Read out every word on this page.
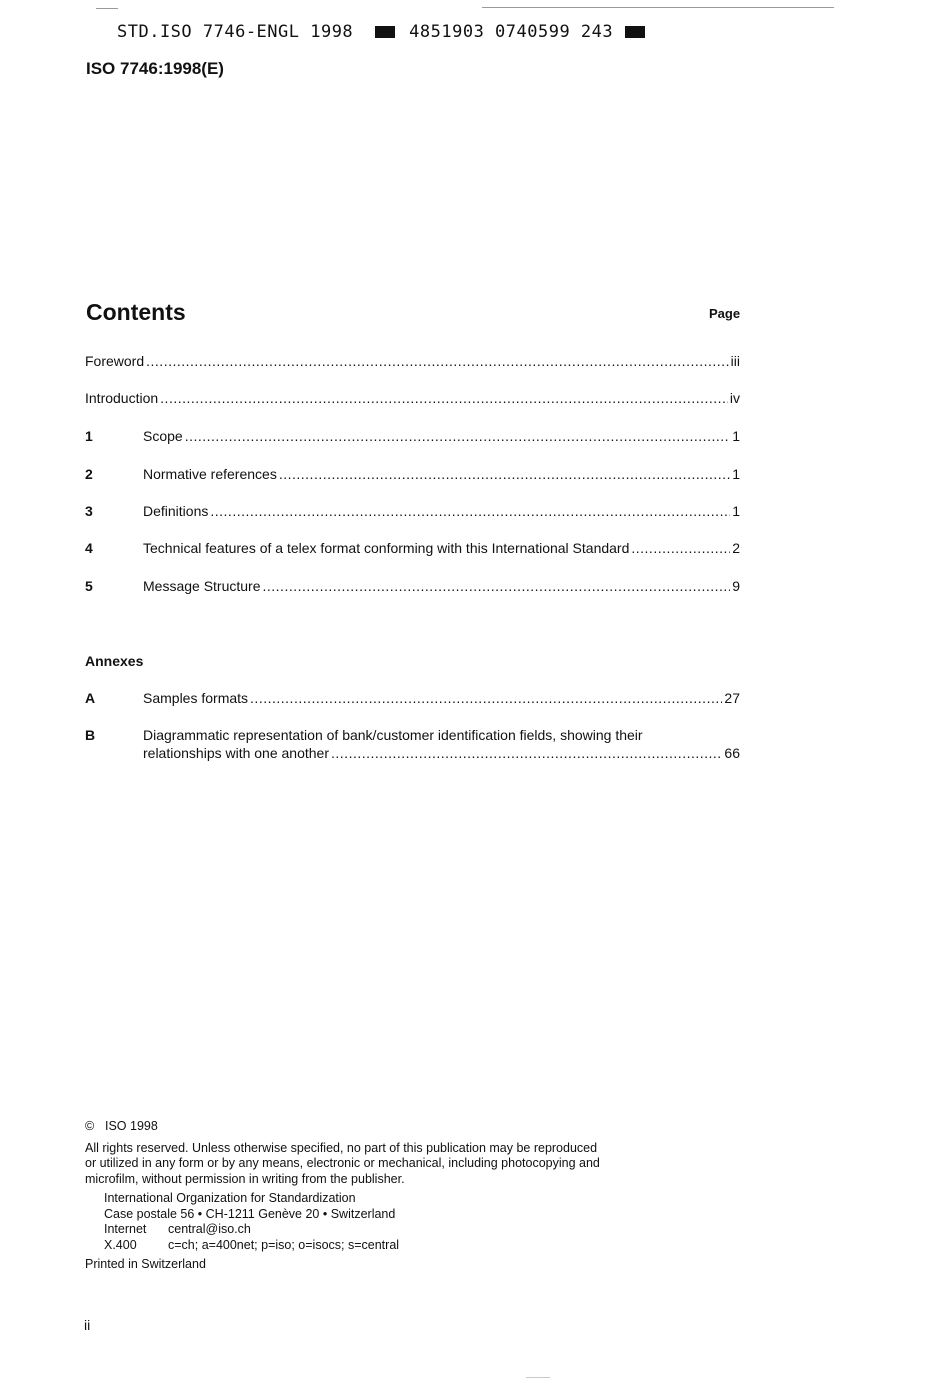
STD.ISO 7746-ENGL 1998	4851903 0740599 243
ISO 7746:1998(E)
Contents	Page
Foreword .....	iii
Introduction .....	iv
1	Scope .....	1
2	Normative references .....	1
3	Definitions .....	1
4	Technical features of a telex format conforming with this International Standard .....	2
5	Message Structure .....	9
Annexes
A	Samples formats .....	27
B	Diagrammatic representation of bank/customer identification fields, showing their
relationships with one another .....	66

© ISO 1998

All rights reserved. Unless otherwise specified, no part of this publication may be reproduced

or utilized in any form or by any means, electronic or mechanical, including photocopying and

microfilm, without permission in writing from the publisher.

International Organization for Standardization

Case postale 56 • CH-1211 Genève 20 • Switzerland

Internet central@iso.ch

X.400	c=ch; a=400net; p=iso; o=isocs; s=central

Printed in Switzerland

ii
